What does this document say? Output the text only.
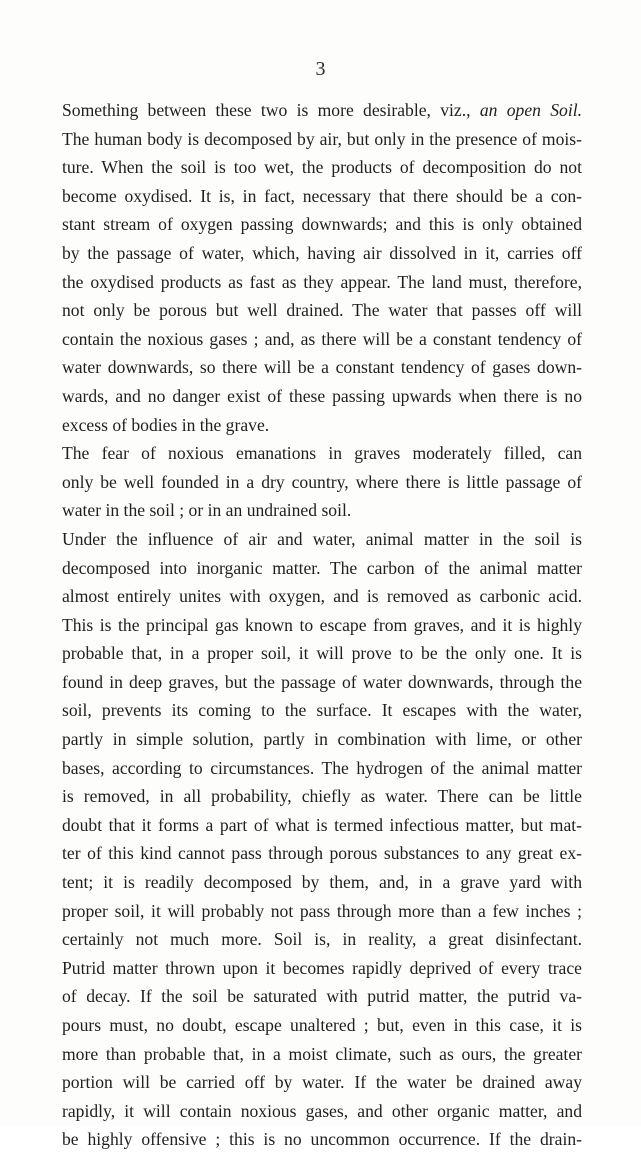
3
Something between these two is more desirable, viz., an open Soil.
The human body is decomposed by air, but only in the presence of mois-
ture. When the soil is too wet, the products of decomposition do not
become oxydised. It is, in fact, necessary that there should be a con-
stant stream of oxygen passing downwards; and this is only obtained
by the passage of water, which, having air dissolved in it, carries off
the oxydised products as fast as they appear. The land must, therefore,
not only be porous but well drained. The water that passes off will
contain the noxious gases ; and, as there will be a constant tendency of
water downwards, so there will be a constant tendency of gases down-
wards, and no danger exist of these passing upwards when there is no
excess of bodies in the grave.
The fear of noxious emanations in graves moderately filled, can
only be well founded in a dry country, where there is little passage of
water in the soil ; or in an undrained soil.
Under the influence of air and water, animal matter in the soil is
decomposed into inorganic matter. The carbon of the animal matter
almost entirely unites with oxygen, and is removed as carbonic acid.
This is the principal gas known to escape from graves, and it is highly
probable that, in a proper soil, it will prove to be the only one. It is
found in deep graves, but the passage of water downwards, through the
soil, prevents its coming to the surface. It escapes with the water,
partly in simple solution, partly in combination with lime, or other
bases, according to circumstances. The hydrogen of the animal matter
is removed, in all probability, chiefly as water. There can be little
doubt that it forms a part of what is termed infectious matter, but mat-
ter of this kind cannot pass through porous substances to any great ex-
tent; it is readily decomposed by them, and, in a grave yard with
proper soil, it will probably not pass through more than a few inches ;
certainly not much more. Soil is, in reality, a great disinfectant.
Putrid matter thrown upon it becomes rapidly deprived of every trace
of decay. If the soil be saturated with putrid matter, the putrid va-
pours must, no doubt, escape unaltered ; but, even in this case, it is
more than probable that, in a moist climate, such as ours, the greater
portion will be carried off by water. If the water be drained away
rapidly, it will contain noxious gases, and other organic matter, and
be highly offensive ; this is no uncommon occurrence. If the drain-
